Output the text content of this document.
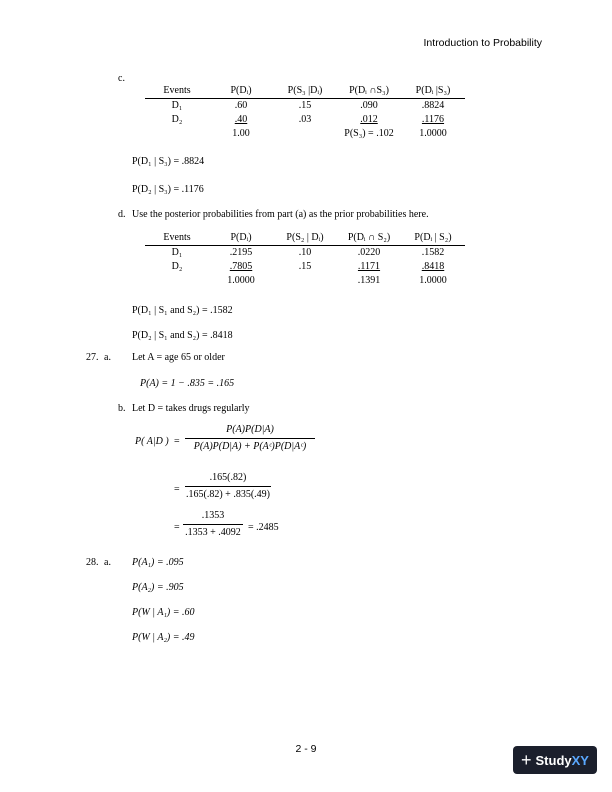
Introduction to Probability
c.
Events	P(Dᵢ)	P(S₃ |Dᵢ)	P(Dᵢ ∩S₃)	P(Dᵢ |S₃)
D₁	.60	.15	.090	.8824
D₂	.40	.03	.012	.1176
	1.00		P(S₃) = .102	1.0000
P(D₁ | S₃) = .8824
P(D₂ | S₃) = .1176
d. Use the posterior probabilities from part (a) as the prior probabilities here.
Events	P(Dᵢ)	P(S₂ | Dᵢ)	P(Dᵢ ∩ S₂)	P(Dᵢ | S₂)
D₁	.2195	.10	.0220	.1582
D₂	.7805	.15	.1171	.8418
	1.0000		.1391	1.0000
P(D₁ | S₁ and S₂) = .1582
P(D₂ | S₁ and S₂) = .8418
27. a. Let A = age 65 or older
P(A) = 1 − .835 = .165
b. Let D = takes drugs regularly
P( A|D ) =
P(A)P(D|A)
P(A)P(D|A) + P(Aᶜ)P(D|Aᶜ)
=
.165(.82)
.165(.82) + .835(.49)
=
.1353
.1353 + .4092 = .2485
28. a. P(A₁) = .095
P(A₂) = .905
P(W | A₁) = .60
P(W | A₂) = .49
2 - 9
+ Study XY
